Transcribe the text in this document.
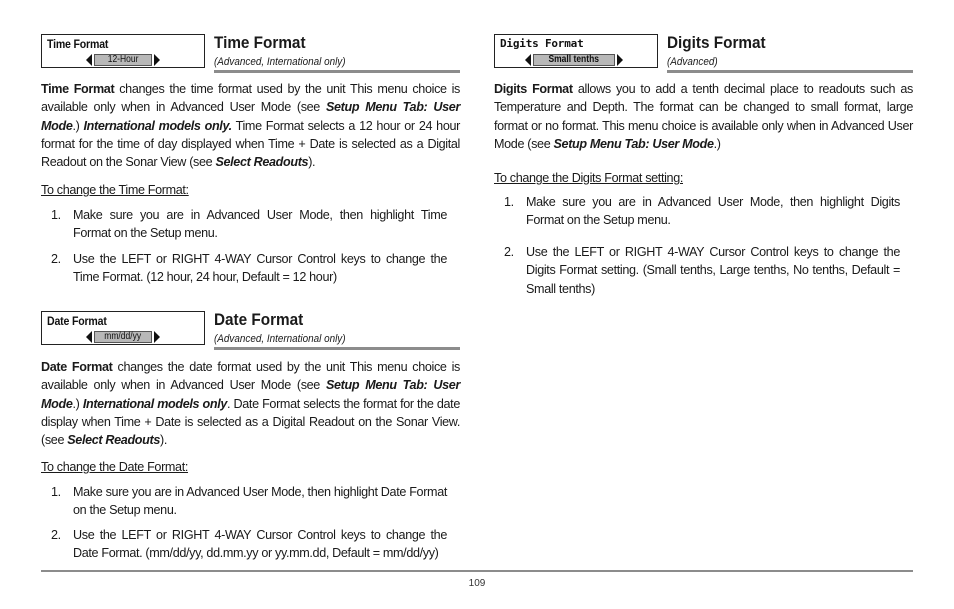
Time Format
12-Hour
Time Format
(Advanced, International only)
Time Format changes the time format used by the unit This menu choice is available only when in Advanced User Mode (see Setup Menu Tab: User Mode.) International models only. Time Format selects a 12 hour or 24 hour format for the time of day displayed when Time + Date is selected as a Digital Readout on the Sonar View (see Select Readouts).
To change the Time Format:
1. Make sure you are in Advanced User Mode, then highlight Time Format on the Setup menu.
2. Use the LEFT or RIGHT 4-WAY Cursor Control keys to change the Time Format. (12 hour, 24 hour, Default = 12 hour)
Date Format
mm/dd/yy
Date Format
(Advanced, International only)
Date Format changes the date format used by the unit This menu choice is available only when in Advanced User Mode (see Setup Menu Tab: User Mode.) International models only. Date Format selects the format for the date display when Time + Date is selected as a Digital Readout on the Sonar View. (see Select Readouts).
To change the Date Format:
1. Make sure you are in Advanced User Mode, then highlight Date Format on the Setup menu.
2. Use the LEFT or RIGHT 4-WAY Cursor Control keys to change the Date Format. (mm/dd/yy, dd.mm.yy or yy.mm.dd, Default = mm/dd/yy)
Digits Format
Small tenths
Digits Format
(Advanced)
Digits Format allows you to add a tenth decimal place to readouts such as Temperature and Depth. The format can be changed to small format, large format or no format. This menu choice is available only when in Advanced User Mode (see Setup Menu Tab: User Mode.)
To change the Digits Format setting:
1. Make sure you are in Advanced User Mode, then highlight Digits Format on the Setup menu.
2. Use the LEFT or RIGHT 4-WAY Cursor Control keys to change the Digits Format setting. (Small tenths, Large tenths, No tenths, Default = Small tenths)
109
